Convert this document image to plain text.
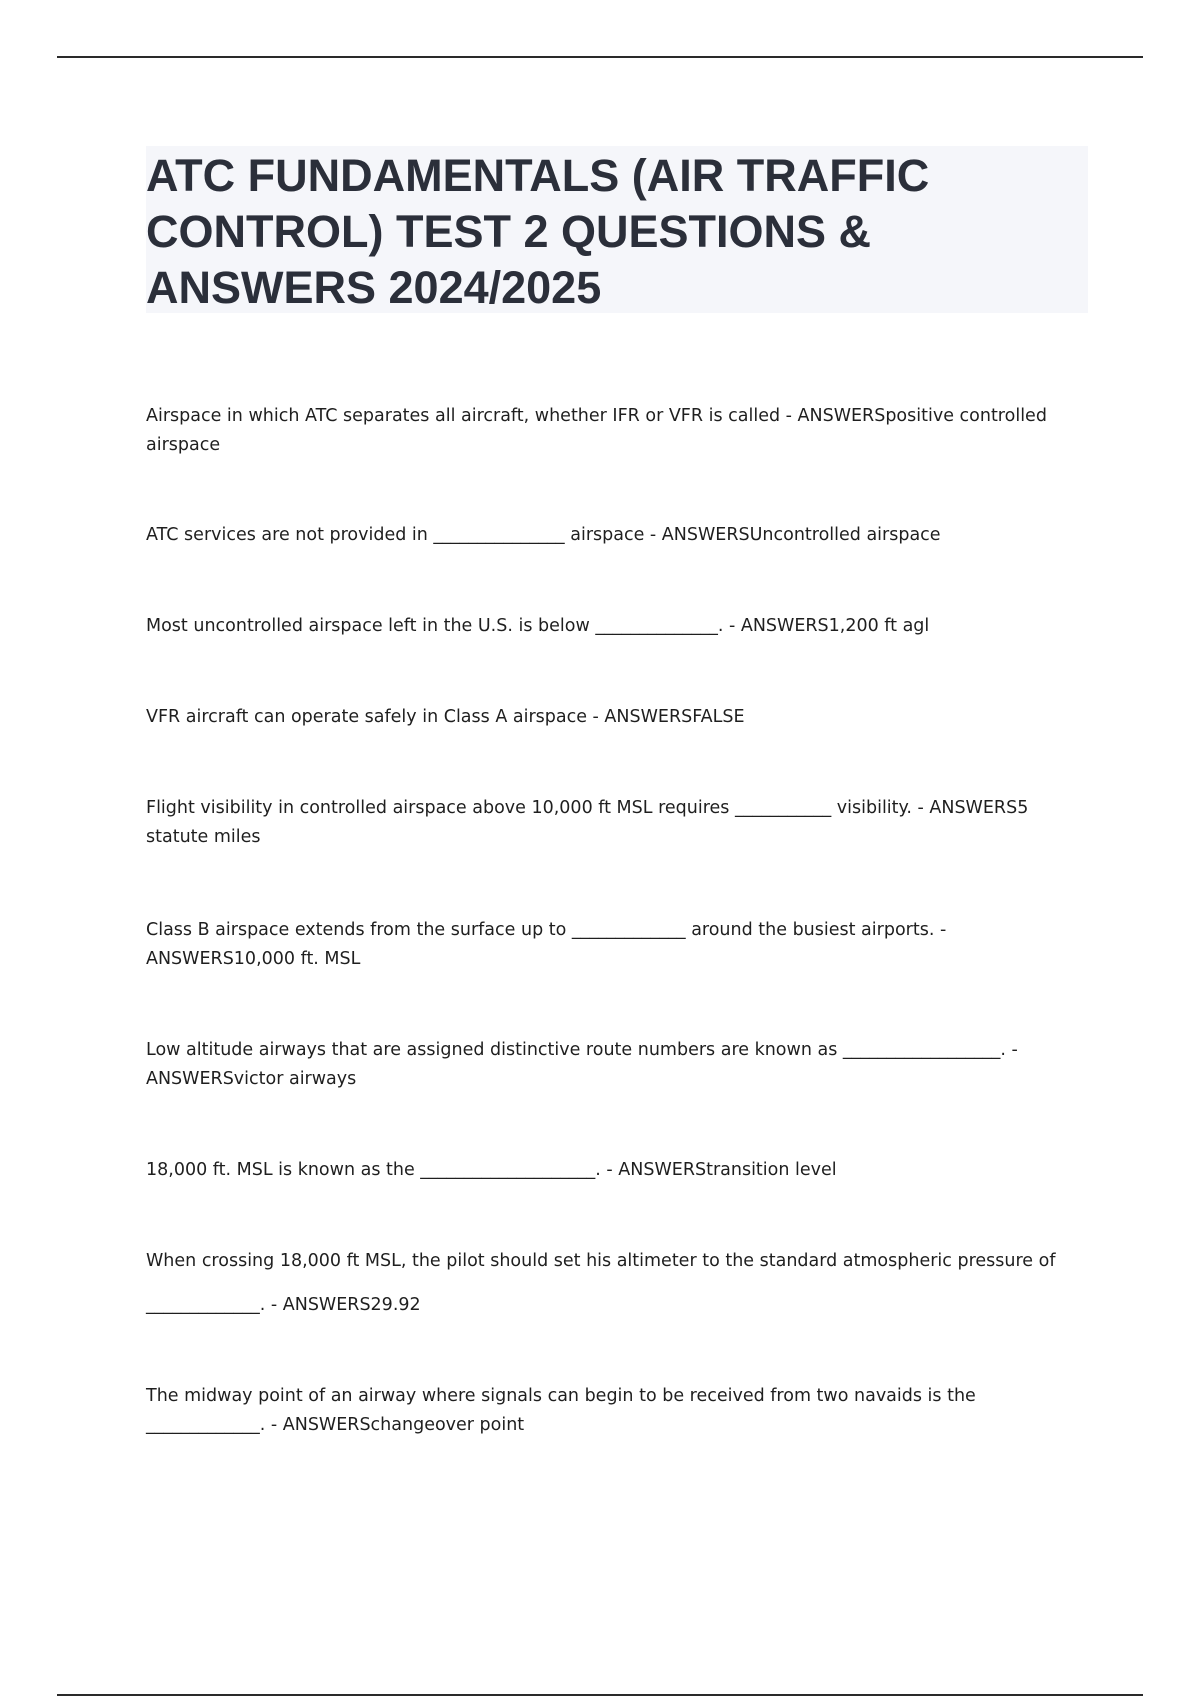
ATC FUNDAMENTALS (AIR TRAFFIC CONTROL) TEST 2 QUESTIONS & ANSWERS 2024/2025

Airspace in which ATC separates all aircraft, whether IFR or VFR is called - ANSWERSpositive controlled airspace

ATC services are not provided in _______________ airspace - ANSWERSUncontrolled airspace

Most uncontrolled airspace left in the U.S. is below ______________. - ANSWERS1,200 ft agl

VFR aircraft can operate safely in Class A airspace - ANSWERSFALSE

Flight visibility in controlled airspace above 10,000 ft MSL requires ___________ visibility. - ANSWERS5 statute miles

Class B airspace extends from the surface up to _____________ around the busiest airports. - ANSWERS10,000 ft. MSL

Low altitude airways that are assigned distinctive route numbers are known as __________________. - ANSWERSvictor airways

18,000 ft. MSL is known as the ____________________. - ANSWERStransition level

When crossing 18,000 ft MSL, the pilot should set his altimeter to the standard atmospheric pressure of _____________. - ANSWERS29.92

The midway point of an airway where signals can begin to be received from two navaids is the _____________. - ANSWERSchangeover point
